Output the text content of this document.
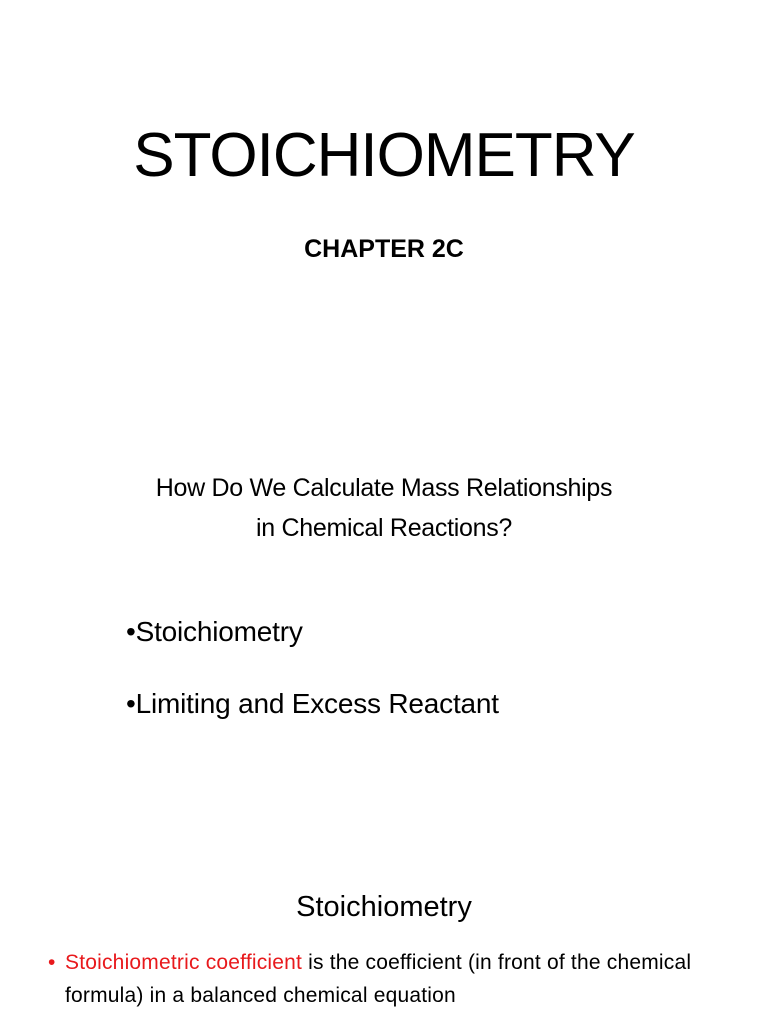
STOICHIOMETRY
CHAPTER 2C
How Do We Calculate Mass Relationships
in Chemical Reactions?
•Stoichiometry
•Limiting and Excess Reactant
Stoichiometry
• Stoichiometric coefficient is the coefficient (in front of the chemical formula) in a balanced chemical equation
